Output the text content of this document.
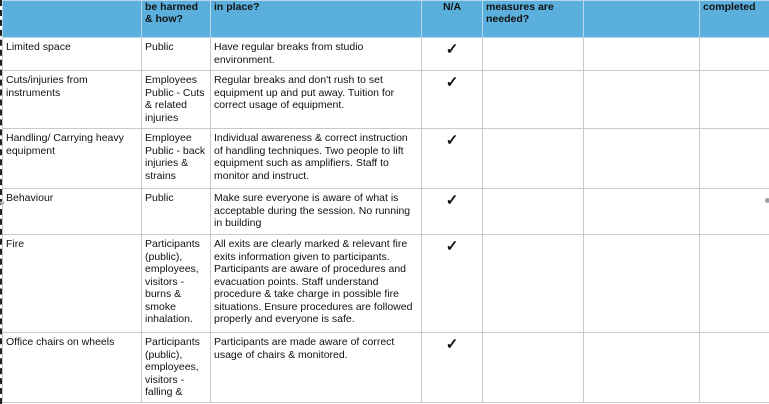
	be harmed & how?	in place?	N/A	measures are needed?		completed
Limited space	Public	Have regular breaks from studio environment.	✓			
Cuts/injuries from instruments	Employees Public - Cuts & related injuries	Regular breaks and don't rush to set equipment up and put away. Tuition for correct usage of equipment.	✓			
Handling/ Carrying heavy equipment	Employee Public - back injuries & strains	Individual awareness & correct instruction of handling techniques. Two people to lift equipment such as amplifiers. Staff to monitor and instruct.	✓			
Behaviour	Public	Make sure everyone is aware of what is acceptable during the session. No running in building	✓			
Fire	Participants (public), employees, visitors - burns & smoke inhalation.	All exits are clearly marked & relevant fire exits information given to participants. Participants are aware of procedures and evacuation points. Staff understand procedure & take charge in possible fire situations. Ensure procedures are followed properly and everyone is safe.	✓			
Office chairs on wheels	Participants (public), employees, visitors - falling &	Participants are made aware of correct usage of chairs & monitored.	✓			
